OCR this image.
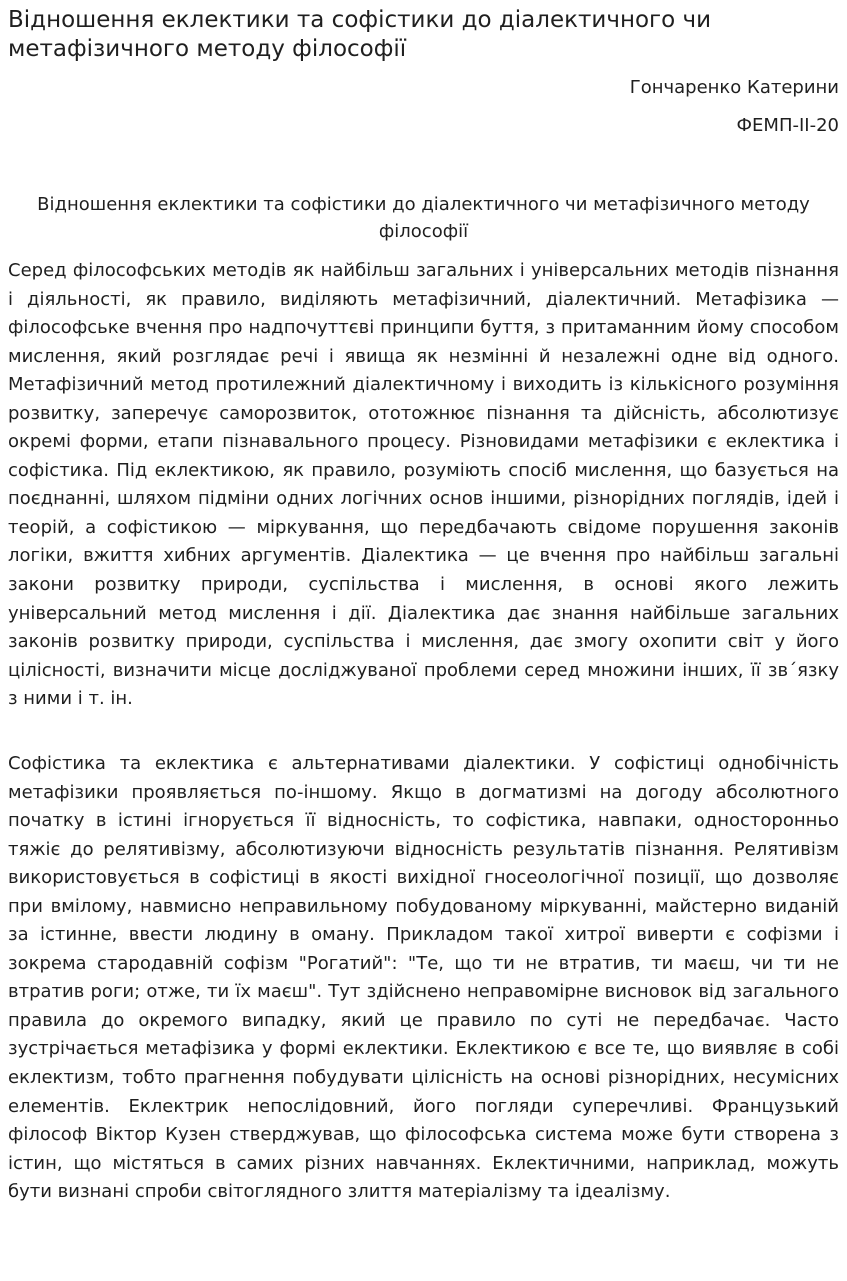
Відношення еклектики та софістики до діалектичного чи метафізичного методу філософії

Гончаренко Катерини

ФЕМП-ІІ-20

Відношення еклектики та софістики до діалектичного чи метафізичного методу філософії

Серед філософських методів як найбільш загальних і універсальних методів пізнання і діяльності, як правило, виділяють метафізичний, діалектичний. Метафізика — філософське вчення про надпочуттєві принципи буття, з притаманним йому способом мислення, який розглядає речі і явища як незмінні й незалежні одне від одного. Метафізичний метод протилежний діалектичному і виходить із кількісного розуміння розвитку, заперечує саморозвиток, ототожнює пізнання та дійсність, абсолютизує окремі форми, етапи пізнавального процесу. Різновидами метафізики є еклектика і софістика. Під еклектикою, як правило, розуміють спосіб мислення, що базується на поєднанні, шляхом підміни одних логічних основ іншими, різнорідних поглядів, ідей і теорій, а софістикою — міркування, що передбачають свідоме порушення законів логіки, вжиття хибних аргументів. Діалектика — це вчення про найбільш загальні закони розвитку природи, суспільства і мислення, в основі якого лежить універсальний метод мислення і дії. Діалектика дає знання найбільше загальних законів розвитку природи, суспільства і мислення, дає змогу охопити світ у його цілісності, визначити місце досліджуваної проблеми серед множини інших, її зв´язку з ними і т. ін.

Софістика та еклектика є альтернативами діалектики. У софістиці однобічність метафізики проявляється по-іншому. Якщо в догматизмі на догоду абсолютного початку в істині ігнорується її відносність, то софістика, навпаки, односторонньо тяжіє до релятивізму, абсолютизуючи відносність результатів пізнання. Релятивізм використовується в софістиці в якості вихідної гносеологічної позиції, що дозволяє при вмілому, навмисно неправильному побудованому міркуванні, майстерно виданій за істинне, ввести людину в оману. Прикладом такої хитрої виверти є софізми і зокрема стародавній софізм "Рогатий": "Те, що ти не втратив, ти маєш, чи ти не втратив роги; отже, ти їх маєш". Тут здійснено неправомірне висновок від загального правила до окремого випадку, який це правило по суті не передбачає. Часто зустрічається метафізика у формі еклектики. Еклектикою є все те, що виявляє в собі еклектизм, тобто прагнення побудувати цілісність на основі різнорідних, несумісних елементів. Еклектрик непослідовний, його погляди суперечливі. Французький філософ Віктор Кузен стверджував, що філософська система може бути створена з істин, що містяться в самих різних навчаннях. Еклектичними, наприклад, можуть бути визнані спроби світоглядного злиття матеріалізму та ідеалізму.
